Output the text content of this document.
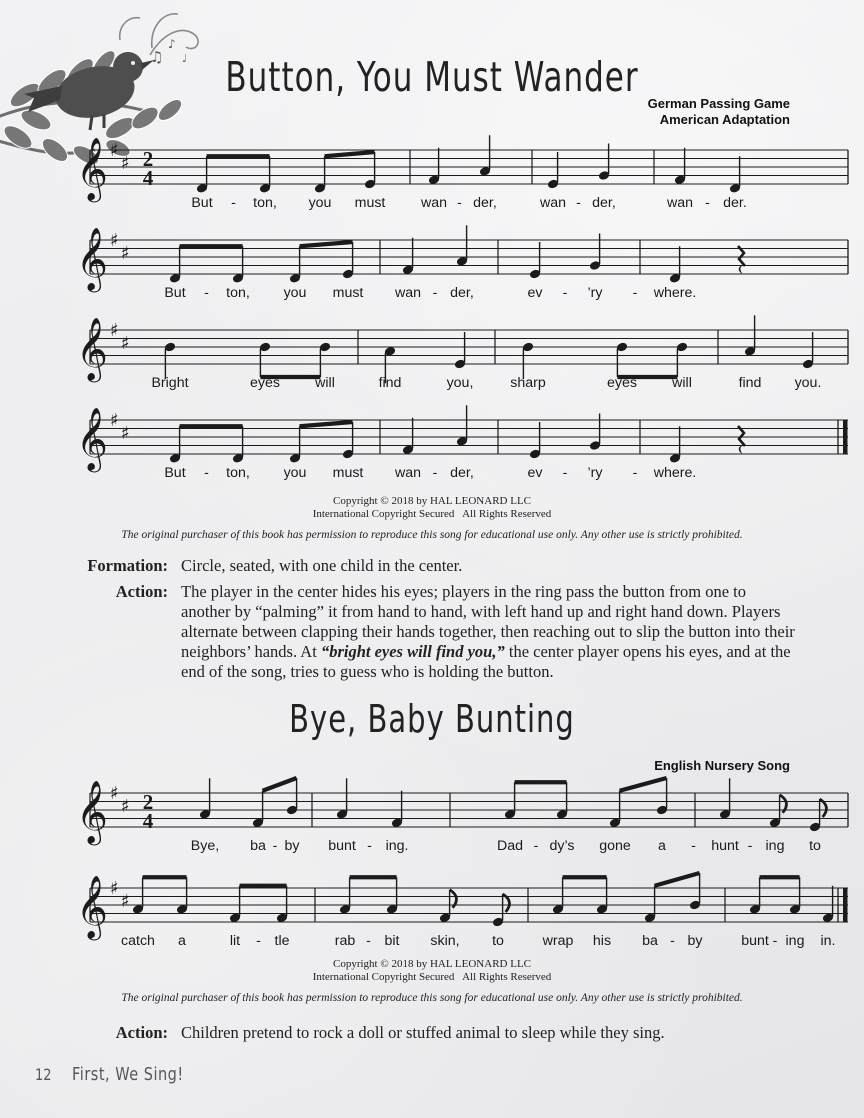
♫
♪
♩	Button, You Must Wander
German Passing Game
American Adaptation
𝄞 ♯
♯ 2
4
But - ton, you must	wan - der,	wan - der,	wan - der.
𝄞 ♯
♯
But - ton, you must wan - der,	ev - ’ry - where.
𝄞 ♯
♯
Bright	eyes will	find	you,	sharp	eyes will	find you.
𝄞 ♯
♯
But - ton, you must wan - der,	ev - ’ry - where.
Copyright © 2018 by HAL LEONARD LLC
International Copyright Secured   All Rights Reserved
The original purchaser of this book has permission to reproduce this song for educational use only. Any other use is strictly prohibited.
Formation: Circle, seated, with one child in the center.
Action: The player in the center hides his eyes; players in the ring pass the button from one to another by “palming” it from hand to hand, with left hand up and right hand down. Players alternate between clapping their hands together, then reaching out to slip the button into their neighbors’ hands. At “bright eyes will find you,” the center player opens his eyes, and at the end of the song, tries to guess who is holding the button.
Bye, Baby Bunting
English Nursery Song
𝄞 ♯
♯ 2
4
Bye, ba - by bunt - ing.	Dad - dy’s gone a - hunt - ing to
𝄞 ♯
♯
catch a	lit - tle	rab - bit skin, to	wrap his ba - by	bunt - ing in.
Copyright © 2018 by HAL LEONARD LLC
International Copyright Secured   All Rights Reserved
The original purchaser of this book has permission to reproduce this song for educational use only. Any other use is strictly prohibited.
Action: Children pretend to rock a doll or stuffed animal to sleep while they sing.
12 First, We Sing!
